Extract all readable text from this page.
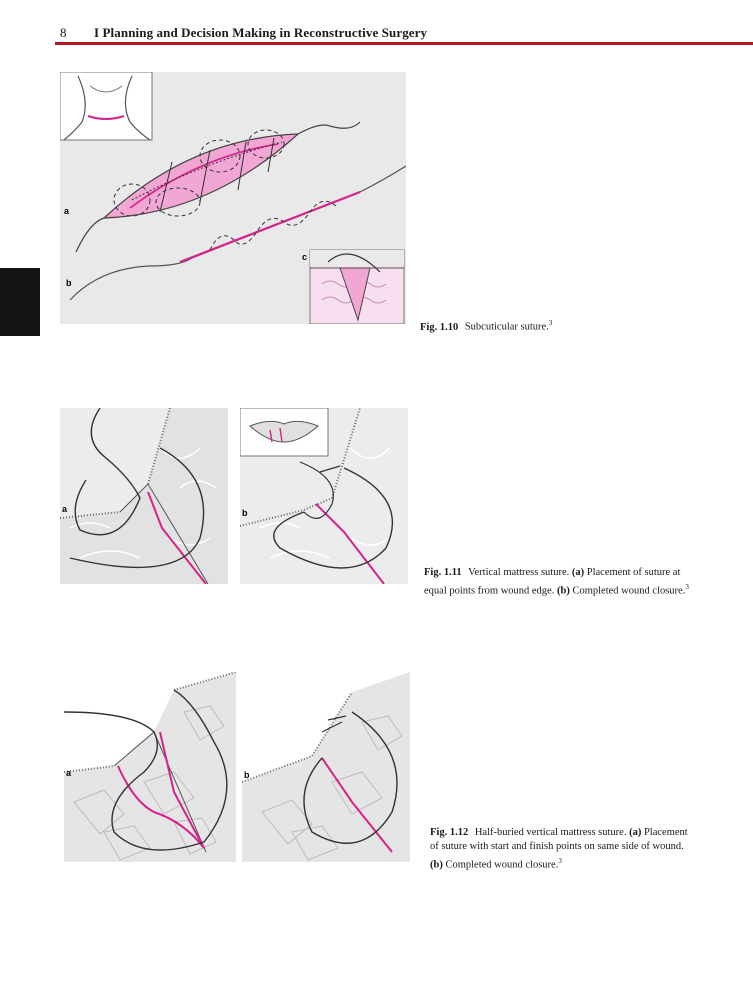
8 I Planning and Decision Making in Reconstructive Surgery
a
b
c
Fig. 1.10 Subcuticular suture.$^3$
a	b
Fig. 1.11 Vertical mattress suture. (a) Placement of suture at equal points from wound edge. (b) Completed wound closure.$^3$
a	b
Fig. 1.12 Half-buried vertical mattress suture. (a) Placement of suture with start and finish points on same side of wound. (b) Completed wound closure.$^3$
